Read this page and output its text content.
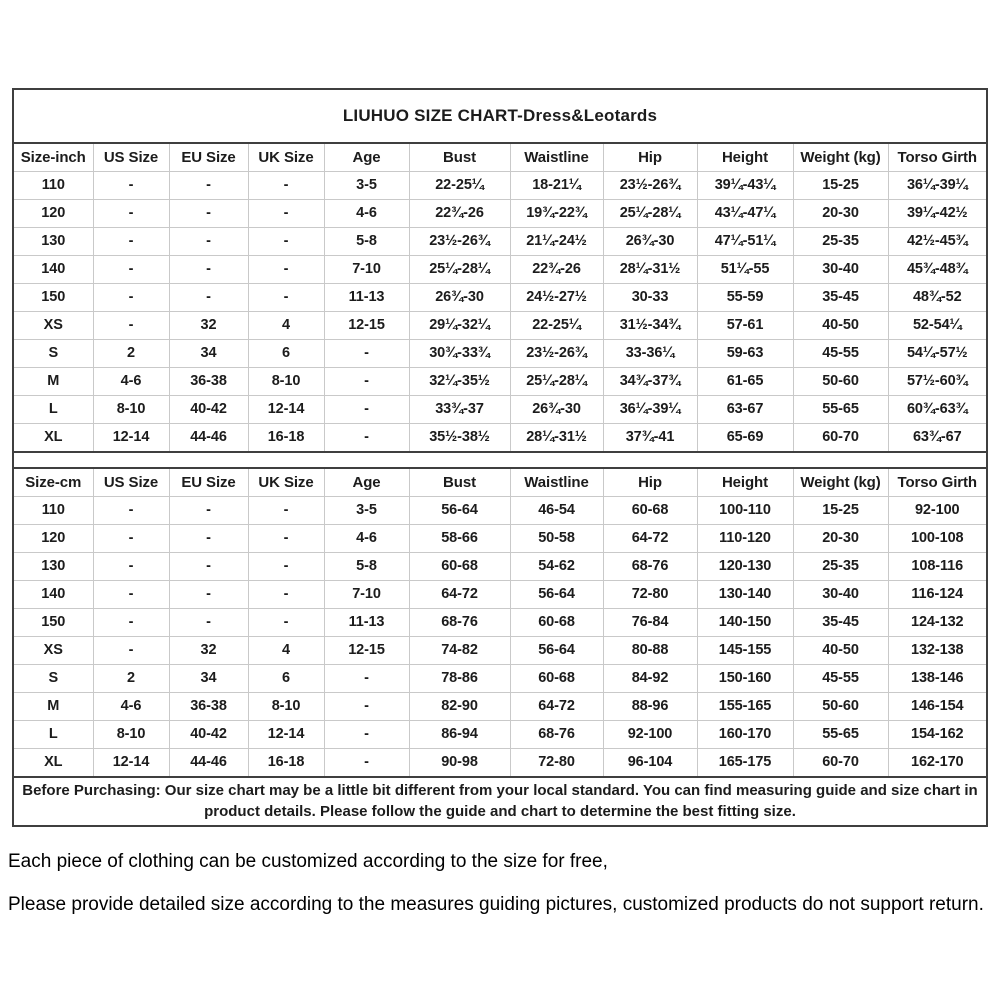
LIUHUO SIZE CHART-Dress&Leotards
Size-inch	US Size	EU Size	UK Size	Age	Bust	Waistline	Hip	Height	Weight (kg)	Torso Girth
110	-	-	-	3-5	22-25¼	18-21¼	23½-26¾	39¼-43¼	15-25	36¼-39¼
120	-	-	-	4-6	22¾-26	19¾-22¾	25¼-28¼	43¼-47¼	20-30	39¼-42½
130	-	-	-	5-8	23½-26¾	21¼-24½	26¾-30	47¼-51¼	25-35	42½-45¾
140	-	-	-	7-10	25¼-28¼	22¾-26	28¼-31½	51¼-55	30-40	45¾-48¾
150	-	-	-	11-13	26¾-30	24½-27½	30-33	55-59	35-45	48¾-52
XS	-	32	4	12-15	29¼-32¼	22-25¼	31½-34¾	57-61	40-50	52-54¼
S	2	34	6	-	30¾-33¾	23½-26¾	33-36¼	59-63	45-55	54¼-57½
M	4-6	36-38	8-10	-	32¼-35½	25¼-28¼	34¾-37¾	61-65	50-60	57½-60¾
L	8-10	40-42	12-14	-	33¾-37	26¾-30	36¼-39¼	63-67	55-65	60¾-63¾
XL	12-14	44-46	16-18	-	35½-38½	28¼-31½	37¾-41	65-69	60-70	63¾-67
Size-cm	US Size	EU Size	UK Size	Age	Bust	Waistline	Hip	Height	Weight (kg)	Torso Girth
110	-	-	-	3-5	56-64	46-54	60-68	100-110	15-25	92-100
120	-	-	-	4-6	58-66	50-58	64-72	110-120	20-30	100-108
130	-	-	-	5-8	60-68	54-62	68-76	120-130	25-35	108-116
140	-	-	-	7-10	64-72	56-64	72-80	130-140	30-40	116-124
150	-	-	-	11-13	68-76	60-68	76-84	140-150	35-45	124-132
XS	-	32	4	12-15	74-82	56-64	80-88	145-155	40-50	132-138
S	2	34	6	-	78-86	60-68	84-92	150-160	45-55	138-146
M	4-6	36-38	8-10	-	82-90	64-72	88-96	155-165	50-60	146-154
L	8-10	40-42	12-14	-	86-94	68-76	92-100	160-170	55-65	154-162
XL	12-14	44-46	16-18	-	90-98	72-80	96-104	165-175	60-70	162-170
Before Purchasing: Our size chart may be a little bit different from your local standard. You can find measuring guide and size chart in product details. Please follow the guide and chart to determine the best fitting size.

Each piece of clothing can be customized according to the size for free,

Please provide detailed size according to the measures guiding pictures, customized products do not support return.
